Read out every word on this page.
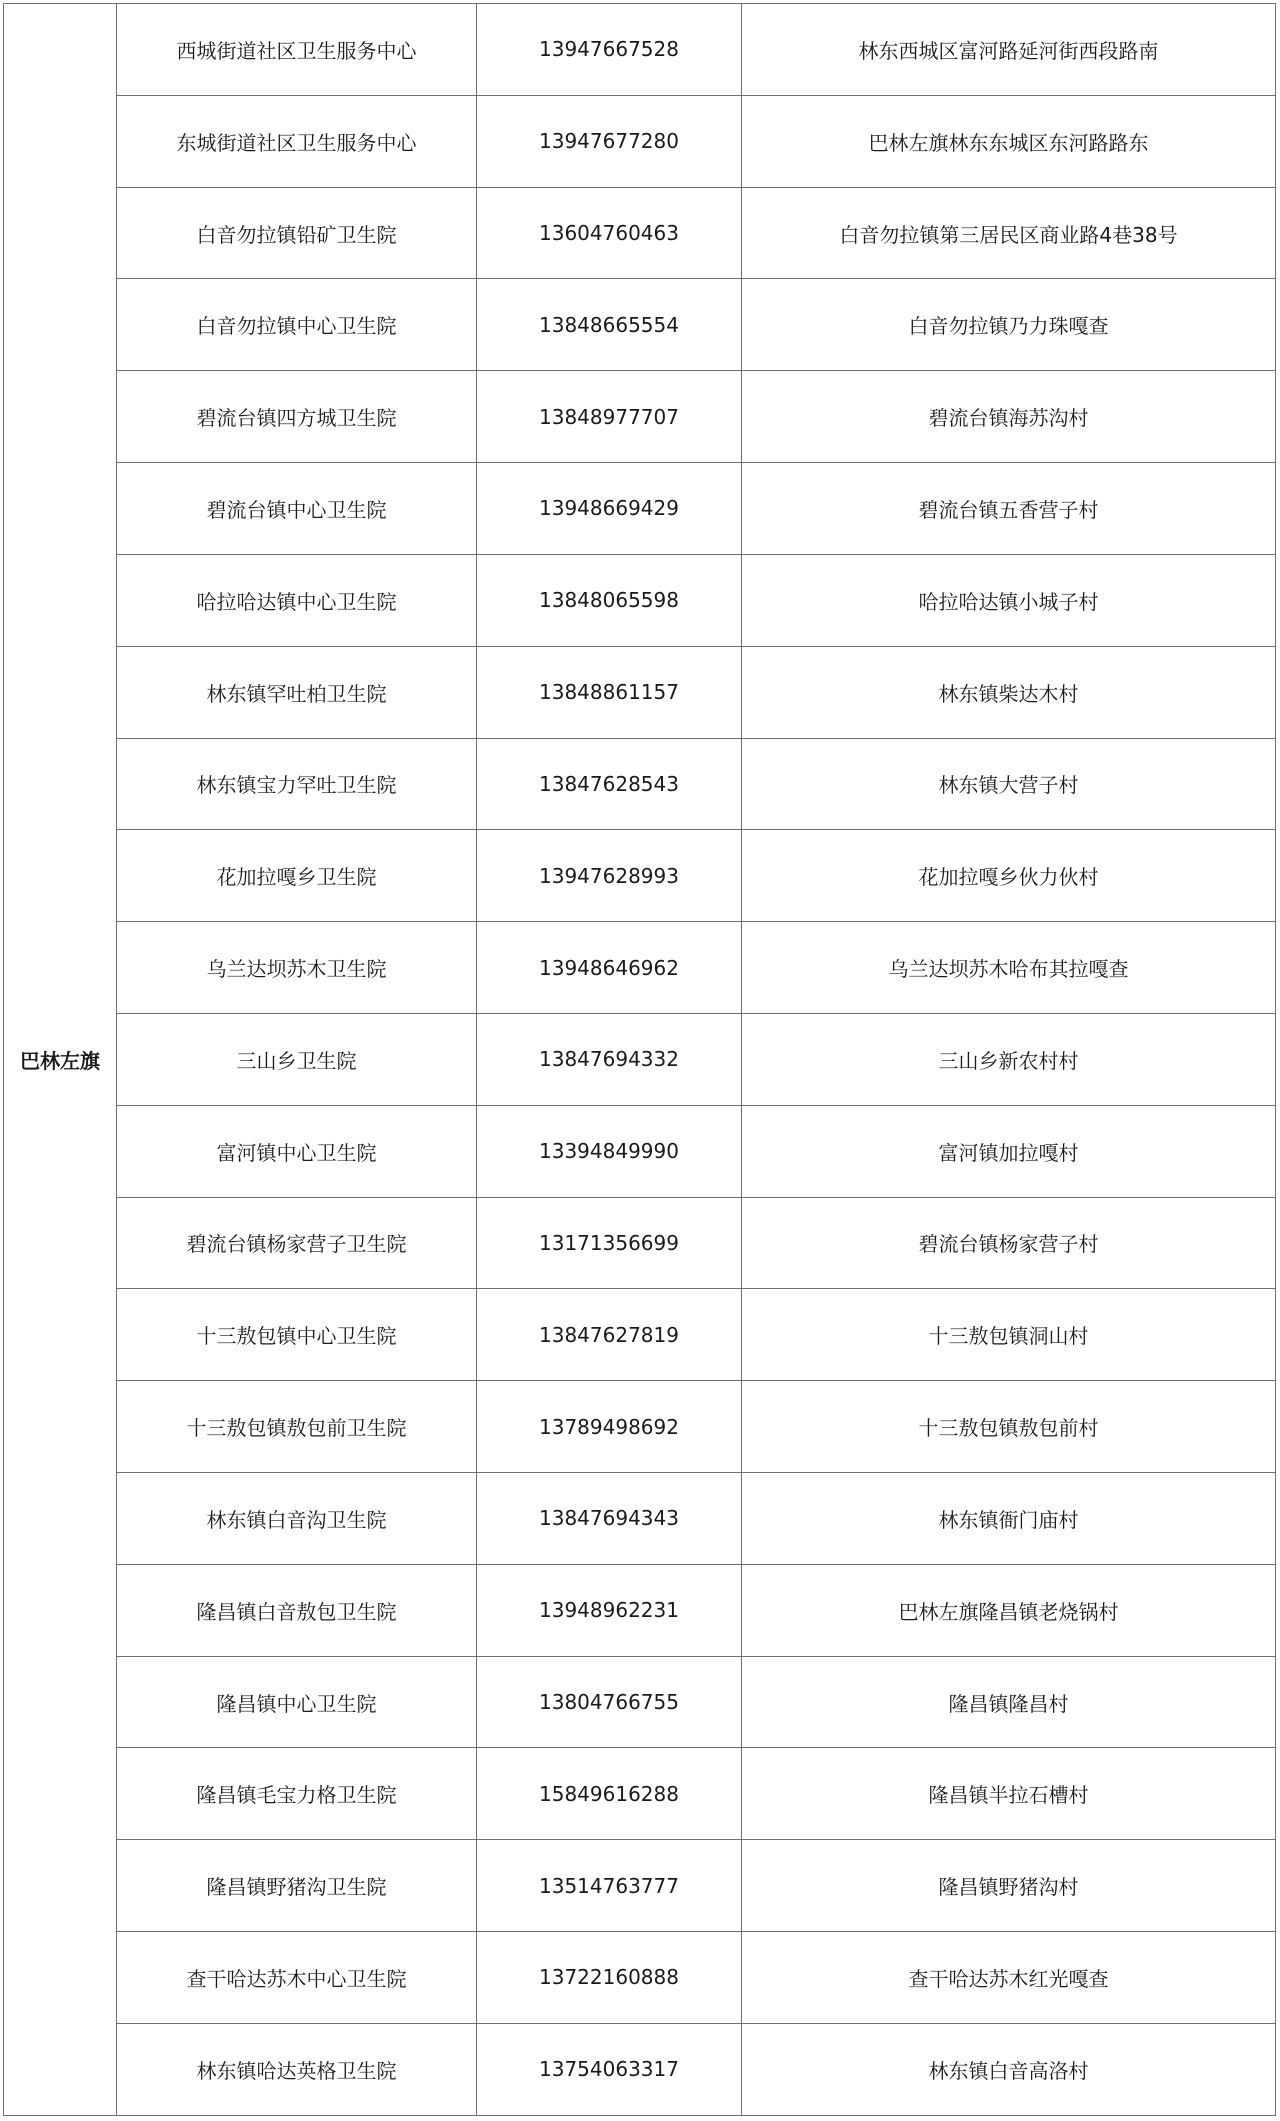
巴林左旗	西城街道社区卫生服务中心	13947667528	林东西城区富河路延河街西段路南
	东城街道社区卫生服务中心	13947677280	巴林左旗林东东城区东河路路东
	白音勿拉镇铅矿卫生院	13604760463	白音勿拉镇第三居民区商业路4巷38号
	白音勿拉镇中心卫生院	13848665554	白音勿拉镇乃力珠嘎查
	碧流台镇四方城卫生院	13848977707	碧流台镇海苏沟村
	碧流台镇中心卫生院	13948669429	碧流台镇五香营子村
	哈拉哈达镇中心卫生院	13848065598	哈拉哈达镇小城子村
	林东镇罕吐柏卫生院	13848861157	林东镇柴达木村
	林东镇宝力罕吐卫生院	13847628543	林东镇大营子村
	花加拉嘎乡卫生院	13947628993	花加拉嘎乡伙力伙村
	乌兰达坝苏木卫生院	13948646962	乌兰达坝苏木哈布其拉嘎查
	三山乡卫生院	13847694332	三山乡新农村村
	富河镇中心卫生院	13394849990	富河镇加拉嘎村
	碧流台镇杨家营子卫生院	13171356699	碧流台镇杨家营子村
	十三敖包镇中心卫生院	13847627819	十三敖包镇洞山村
	十三敖包镇敖包前卫生院	13789498692	十三敖包镇敖包前村
	林东镇白音沟卫生院	13847694343	林东镇衙门庙村
	隆昌镇白音敖包卫生院	13948962231	巴林左旗隆昌镇老烧锅村
	隆昌镇中心卫生院	13804766755	隆昌镇隆昌村
	隆昌镇毛宝力格卫生院	15849616288	隆昌镇半拉石槽村
	隆昌镇野猪沟卫生院	13514763777	隆昌镇野猪沟村
	查干哈达苏木中心卫生院	13722160888	查干哈达苏木红光嘎查
	林东镇哈达英格卫生院	13754063317	林东镇白音高洛村
